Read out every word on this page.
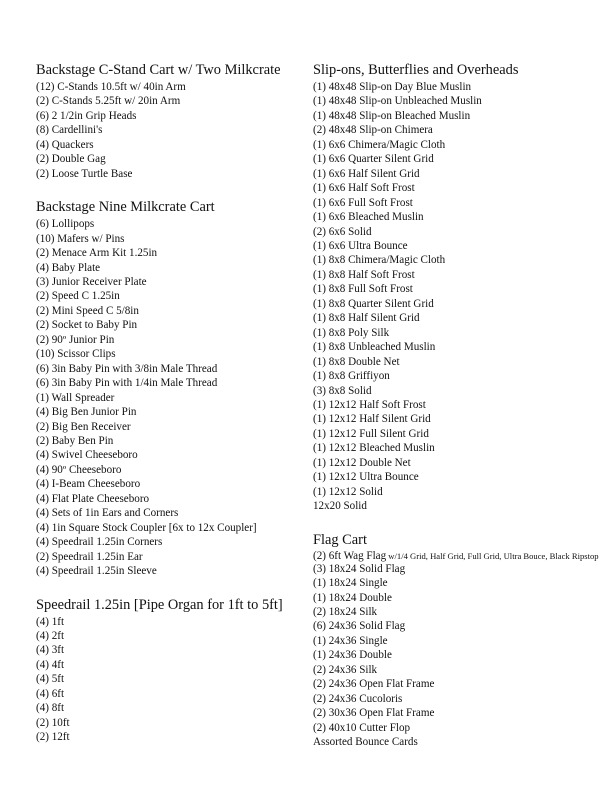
Backstage C-Stand Cart w/ Two Milkcrate
(12) C-Stands 10.5ft w/ 40in Arm
(2) C-Stands 5.25ft w/ 20in Arm
(6) 2 1/2in Grip Heads
(8) Cardellini's
(4) Quackers
(2) Double Gag
(2) Loose Turtle Base
Backstage Nine Milkcrate Cart
(6) Lollipops
(10) Mafers w/ Pins
(2) Menace Arm Kit 1.25in
(4) Baby Plate
(3) Junior Receiver Plate
(2) Speed C 1.25in
(2) Mini Speed C 5/8in
(2) Socket to Baby Pin
(2) 90º Junior Pin
(10) Scissor Clips
(6) 3in Baby Pin with 3/8in Male Thread
(6) 3in Baby Pin with 1/4in Male Thread
(1) Wall Spreader
(4) Big Ben Junior Pin
(2) Big Ben Receiver
(2) Baby Ben Pin
(4) Swivel Cheeseboro
(4) 90º Cheeseboro
(4) I-Beam Cheeseboro
(4) Flat Plate Cheeseboro
(4) Sets of 1in Ears and Corners
(4) 1in Square Stock Coupler [6x to 12x Coupler]
(4) Speedrail 1.25in Corners
(2) Speedrail 1.25in Ear
(4) Speedrail 1.25in Sleeve
Speedrail 1.25in [Pipe Organ for 1ft to 5ft]
(4) 1ft
(4) 2ft
(4) 3ft
(4) 4ft
(4) 5ft
(4) 6ft
(4) 8ft
(2) 10ft
(2) 12ft
Slip-ons, Butterflies and Overheads
(1) 48x48 Slip-on Day Blue Muslin
(1) 48x48 Slip-on Unbleached Muslin
(1) 48x48 Slip-on Bleached Muslin
(2) 48x48 Slip-on Chimera
(1) 6x6 Chimera/Magic Cloth
(1) 6x6 Quarter Silent Grid
(1) 6x6 Half Silent Grid
(1) 6x6 Half Soft Frost
(1) 6x6 Full Soft Frost
(1) 6x6 Bleached Muslin
(2) 6x6 Solid
(1) 6x6 Ultra Bounce
(1) 8x8 Chimera/Magic Cloth
(1) 8x8 Half Soft Frost
(1) 8x8 Full Soft Frost
(1) 8x8 Quarter Silent Grid
(1) 8x8 Half Silent Grid
(1) 8x8 Poly Silk
(1) 8x8 Unbleached Muslin
(1) 8x8 Double Net
(1) 8x8 Griffiyon
(3) 8x8 Solid
(1) 12x12 Half Soft Frost
(1) 12x12 Half Silent Grid
(1) 12x12 Full Silent Grid
(1) 12x12 Bleached Muslin
(1) 12x12 Double Net
(1) 12x12 Ultra Bounce
(1) 12x12 Solid
12x20 Solid
Flag Cart
(2) 6ft Wag Flag w/1/4 Grid, Half Grid, Full Grid, Ultra Bouce, Black Ripstop
(3) 18x24 Solid Flag
(1) 18x24 Single
(1) 18x24 Double
(2) 18x24 Silk
(6) 24x36 Solid Flag
(1) 24x36 Single
(1) 24x36 Double
(2) 24x36 Silk
(2) 24x36 Open Flat Frame
(2) 24x36 Cucoloris
(2) 30x36 Open Flat Frame
(2) 40x10 Cutter Flop
Assorted Bounce Cards
